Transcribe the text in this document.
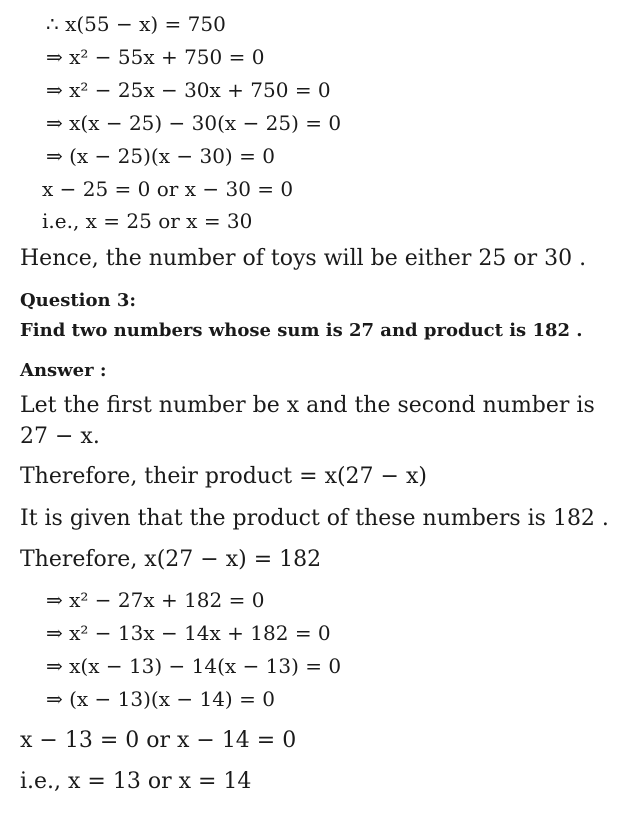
∴ x(55 − x) = 750
⇒ x² − 55x + 750 = 0
⇒ x² − 25x − 30x + 750 = 0
⇒ x(x − 25) − 30(x − 25) = 0
⇒ (x − 25)(x − 30) = 0
x − 25 = 0 or x − 30 = 0
i.e., x = 25 or x = 30
Hence, the number of toys will be either 25 or 30 .
Question 3:
Find two numbers whose sum is 27 and product is 182 .
Answer :
Let the first number be x and the second number is
27 − x.
Therefore, their product = x(27 − x)
It is given that the product of these numbers is 182 .
Therefore, x(27 − x) = 182
⇒ x² − 27x + 182 = 0
⇒ x² − 13x − 14x + 182 = 0
⇒ x(x − 13) − 14(x − 13) = 0
⇒ (x − 13)(x − 14) = 0
x − 13 = 0 or x − 14 = 0
i.e., x = 13 or x = 14
